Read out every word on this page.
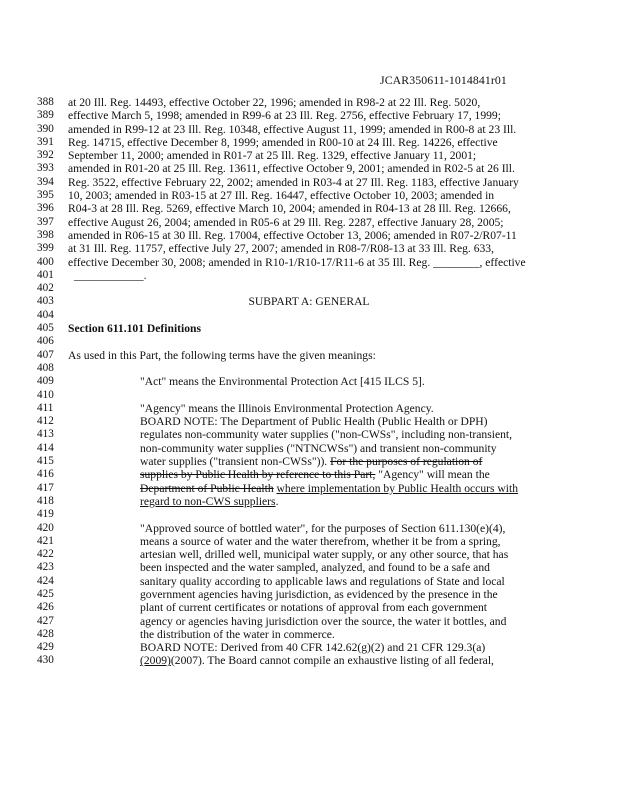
JCAR350611-1014841r01
388	at 20 Ill. Reg. 14493, effective October 22, 1996; amended in R98-2 at 22 Ill. Reg. 5020,
389	effective March 5, 1998; amended in R99-6 at 23 Ill. Reg. 2756, effective February 17, 1999;
390	amended in R99-12 at 23 Ill. Reg. 10348, effective August 11, 1999; amended in R00-8 at 23 Ill.
391	Reg. 14715, effective December 8, 1999; amended in R00-10 at 24 Ill. Reg. 14226, effective
392	September 11, 2000; amended in R01-7 at 25 Ill. Reg. 1329, effective January 11, 2001;
393	amended in R01-20 at 25 Ill. Reg. 13611, effective October 9, 2001; amended in R02-5 at 26 Ill.
394	Reg. 3522, effective February 22, 2002; amended in R03-4 at 27 Ill. Reg. 1183, effective January
395	10, 2003; amended in R03-15 at 27 Ill. Reg. 16447, effective October 10, 2003; amended in
396	R04-3 at 28 Ill. Reg. 5269, effective March 10, 2004; amended in R04-13 at 28 Ill. Reg. 12666,
397	effective August 26, 2004; amended in R05-6 at 29 Ill. Reg. 2287, effective January 28, 2005;
398	amended in R06-15 at 30 Ill. Reg. 17004, effective October 13, 2006; amended in R07-2/R07-11
399	at 31 Ill. Reg. 11757, effective July 27, 2007; amended in R08-7/R08-13 at 33 Ill. Reg. 633,
400	effective December 30, 2008; amended in R10-1/R10-17/R11-6 at 35 Ill. Reg. ________, effective
401	____________.
402
403	SUBPART A: GENERAL
404
405	Section 611.101 Definitions
406
407	As used in this Part, the following terms have the given meanings:
408
409	"Act" means the Environmental Protection Act [415 ILCS 5].
410
411	"Agency" means the Illinois Environmental Protection Agency.
412	BOARD NOTE: The Department of Public Health (Public Health or DPH)
413	regulates non-community water supplies ("non-CWSs", including non-transient,
414	non-community water supplies ("NTNCWSs") and transient non-community
415	water supplies ("transient non-CWSs")). For the purposes of regulation of
416	supplies by Public Health by reference to this Part, "Agency" will mean the
417	Department of Public Health where implementation by Public Health occurs with
418	regard to non-CWS suppliers.
419
420	"Approved source of bottled water", for the purposes of Section 611.130(e)(4),
421	means a source of water and the water therefrom, whether it be from a spring,
422	artesian well, drilled well, municipal water supply, or any other source, that has
423	been inspected and the water sampled, analyzed, and found to be a safe and
424	sanitary quality according to applicable laws and regulations of State and local
425	government agencies having jurisdiction, as evidenced by the presence in the
426	plant of current certificates or notations of approval from each government
427	agency or agencies having jurisdiction over the source, the water it bottles, and
428	the distribution of the water in commerce.
429	BOARD NOTE: Derived from 40 CFR 142.62(g)(2) and 21 CFR 129.3(a)
430	(2009)(2007). The Board cannot compile an exhaustive listing of all federal,
